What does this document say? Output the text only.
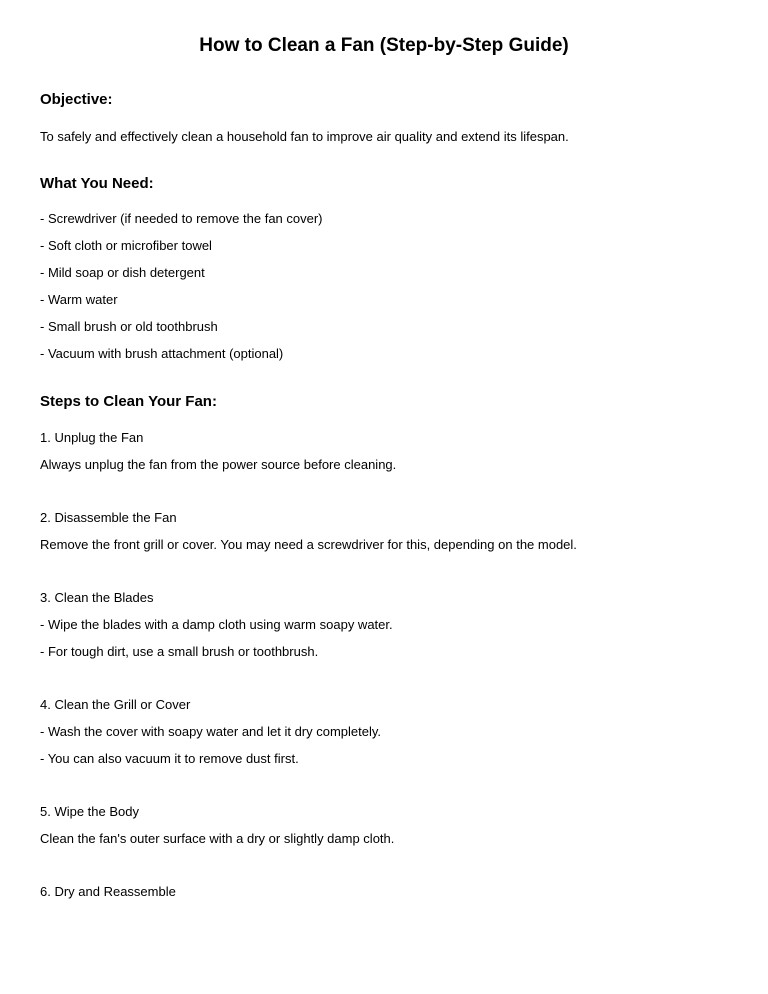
How to Clean a Fan (Step-by-Step Guide)
Objective:
To safely and effectively clean a household fan to improve air quality and extend its lifespan.
What You Need:
- Screwdriver (if needed to remove the fan cover)
- Soft cloth or microfiber towel
- Mild soap or dish detergent
- Warm water
- Small brush or old toothbrush
- Vacuum with brush attachment (optional)
Steps to Clean Your Fan:
1. Unplug the Fan
Always unplug the fan from the power source before cleaning.
2. Disassemble the Fan
Remove the front grill or cover. You may need a screwdriver for this, depending on the model.
3. Clean the Blades
- Wipe the blades with a damp cloth using warm soapy water.
- For tough dirt, use a small brush or toothbrush.
4. Clean the Grill or Cover
- Wash the cover with soapy water and let it dry completely.
- You can also vacuum it to remove dust first.
5. Wipe the Body
Clean the fan's outer surface with a dry or slightly damp cloth.
6. Dry and Reassemble
